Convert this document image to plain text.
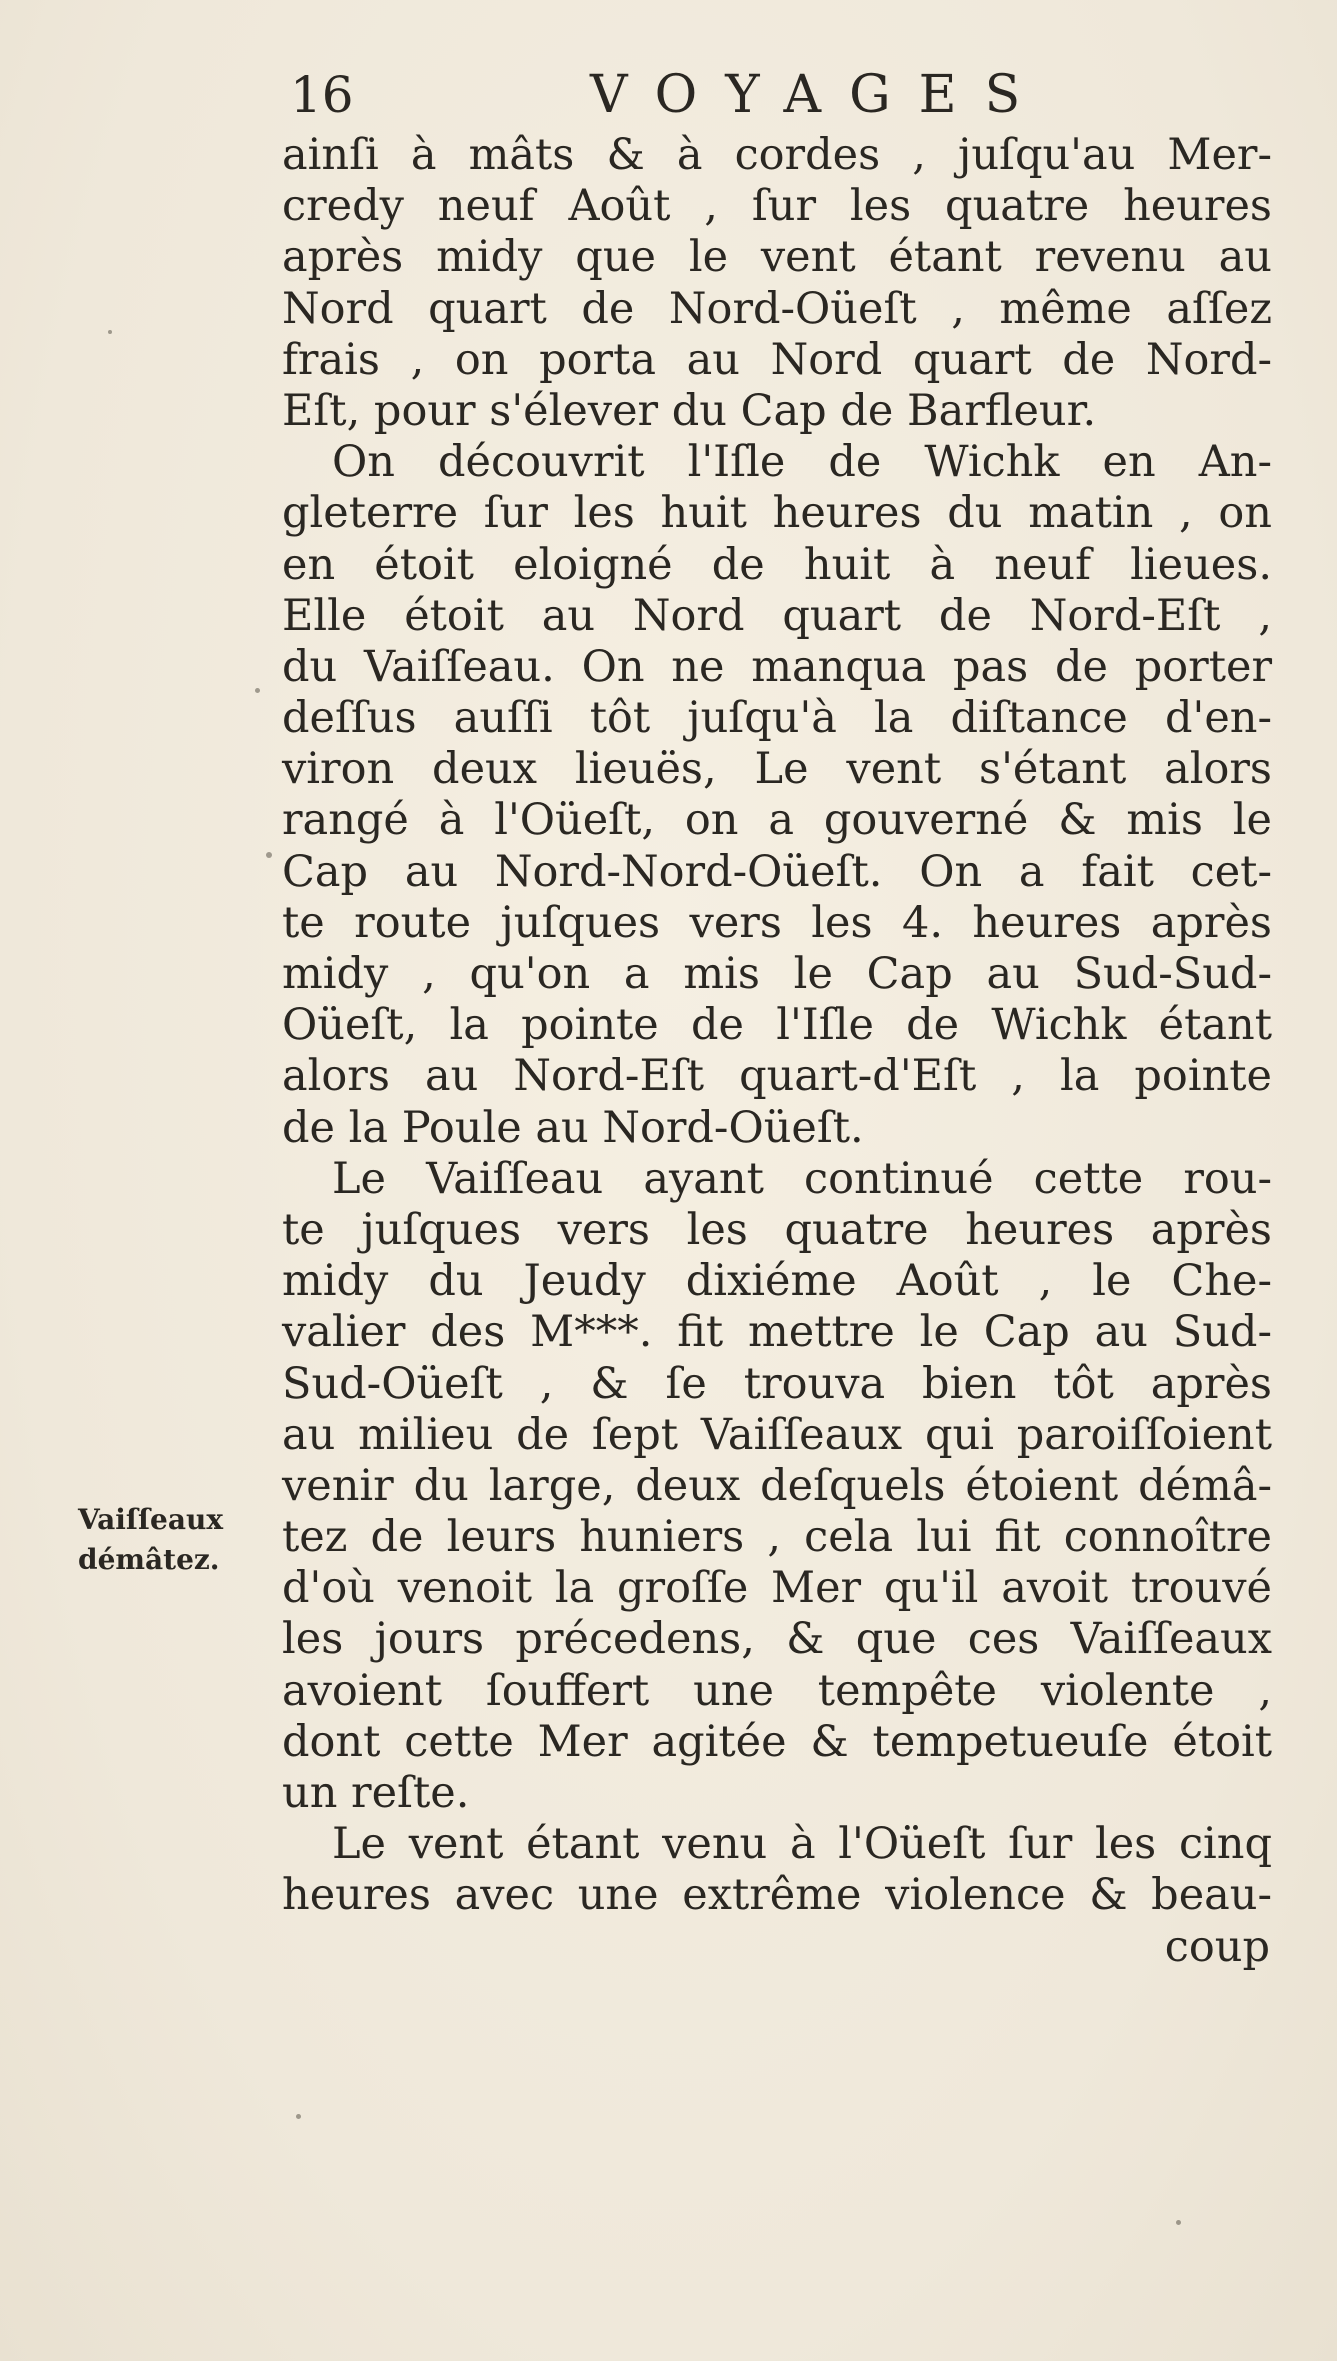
16	VOYAGES
Vaiſſeaux
démâtez.
ainſi à mâts & à cordes , juſqu'au Mer-
credy neuf Août , ſur les quatre heures
après midy que le vent étant revenu au
Nord quart de Nord-Oüeſt , même aſſez
frais , on porta au Nord quart de Nord-
Eſt, pour s'élever du Cap de Barfleur.
On découvrit l'Iſle de Wichk en An-
gleterre ſur les huit heures du matin , on
en étoit eloigné de huit à neuf lieues.
Elle étoit au Nord quart de Nord-Eſt ,
du Vaiſſeau. On ne manqua pas de porter
deſſus auſſi tôt juſqu'à la diſtance d'en-
viron deux lieuës, Le vent s'étant alors
rangé à l'Oüeſt, on a gouverné & mis le
Cap au Nord-Nord-Oüeſt. On a fait cet-
te route juſques vers les 4. heures après
midy , qu'on a mis le Cap au Sud-Sud-
Oüeſt, la pointe de l'Iſle de Wichk étant
alors au Nord-Eſt quart-d'Eſt , la pointe
de la Poule au Nord-Oüeſt.
Le Vaiſſeau ayant continué cette rou-
te juſques vers les quatre heures après
midy du Jeudy dixiéme Août , le Che-
valier des M***. fit mettre le Cap au Sud-
Sud-Oüeſt , & ſe trouva bien tôt après
au milieu de ſept Vaiſſeaux qui paroiſſoient
venir du large, deux deſquels étoient démâ-
tez de leurs huniers , cela lui fit connoître
d'où venoit la groſſe Mer qu'il avoit trouvé
les jours précedens, & que ces Vaiſſeaux
avoient ſouffert une tempête violente ,
dont cette Mer agitée & tempetueuſe étoit
un reſte.
Le vent étant venu à l'Oüeſt ſur les cinq
heures avec une extrême violence & beau-
coup
